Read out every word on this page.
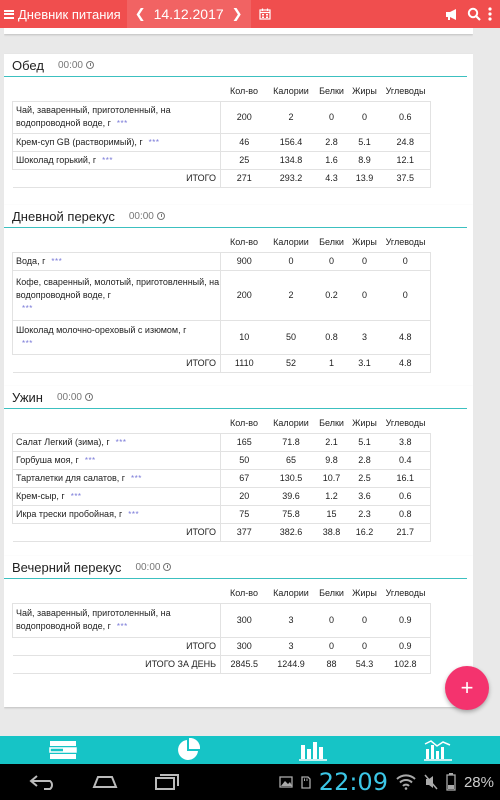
Дневник питания	❮ 14.12.2017 ❯

Обед 00:00
	Кол-во	Калории	Белки	Жиры	Углеводы
Чай, заваренный, приготоленный, на водопроводной воде, г ***	200	2	0	0	0.6
Крем-суп GB (растворимый), г ***	46	156.4	2.8	5.1	24.8
Шоколад горький, г ***	25	134.8	1.6	8.9	12.1
ИТОГО	271	293.2	4.3	13.9	37.5
Дневной перекус 00:00
	Кол-во	Калории	Белки	Жиры	Углеводы
Вода, г ***	900	0	0	0	0
Кофе, сваренный, молотый, приготовленный, на водопроводной воде, г
***	200	2	0.2	0	0
Шоколад молочно-ореховый с изюмом, г
***	10	50	0.8	3	4.8
ИТОГО	1110	52	1	3.1	4.8
Ужин 00:00
	Кол-во	Калории	Белки	Жиры	Углеводы
Салат Легкий (зима), г ***	165	71.8	2.1	5.1	3.8
Горбуша моя, г ***	50	65	9.8	2.8	0.4
Тарталетки для салатов, г ***	67	130.5	10.7	2.5	16.1
Крем-сыр, г ***	20	39.6	1.2	3.6	0.6
Икра трески пробойная, г ***	75	75.8	15	2.3	0.8
ИТОГО	377	382.6	38.8	16.2	21.7
Вечерний перекус 00:00
	Кол-во	Калории	Белки	Жиры	Углеводы
Чай, заваренный, приготоленный, на водопроводной воде, г ***	300	3	0	0	0.9
ИТОГО	300	3	0	0	0.9
ИТОГО ЗА ДЕНЬ	2845.5	1244.9	88	54.3	102.8
+
22:09	28%
